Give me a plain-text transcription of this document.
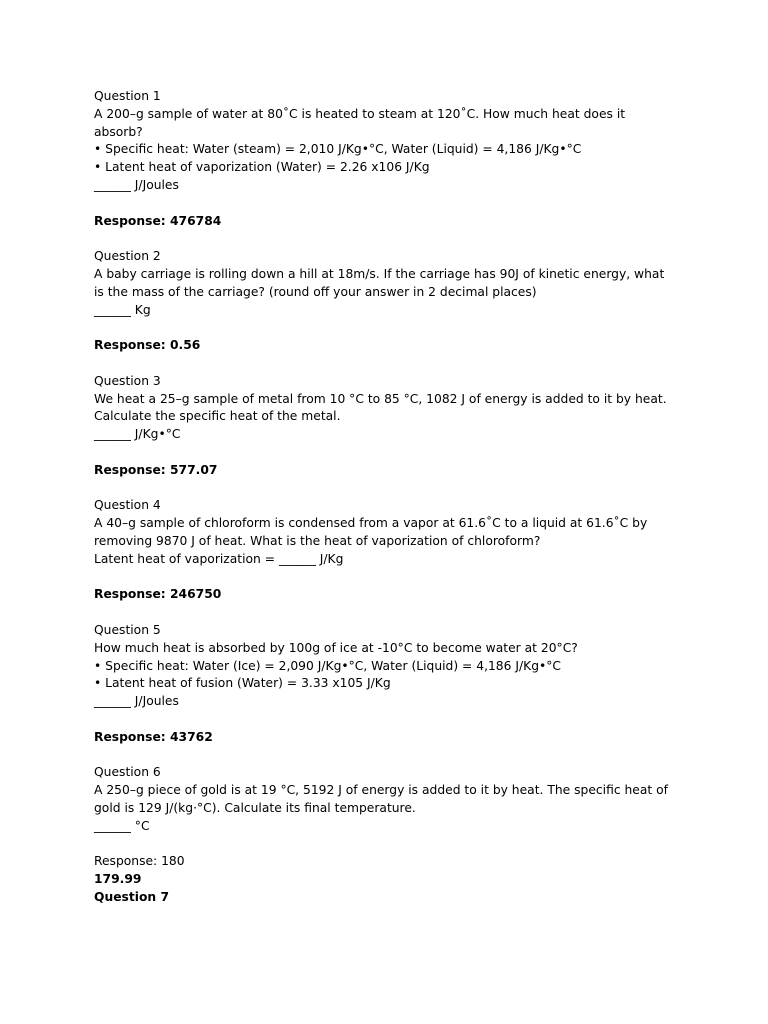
Question 1

A 200–g sample of water at 80˚C is heated to steam at 120˚C. How much heat does it

absorb?

• Specific heat: Water (steam) = 2,010 J/Kg•°C, Water (Liquid) = 4,186 J/Kg•°C

• Latent heat of vaporization (Water) = 2.26 x106 J/Kg

______ J/Joules

Response: 476784

Question 2

A baby carriage is rolling down a hill at 18m/s. If the carriage has 90J of kinetic energy, what

is the mass of the carriage? (round off your answer in 2 decimal places)

______ Kg

Response: 0.56

Question 3

We heat a 25–g sample of metal from 10 °C to 85 °C, 1082 J of energy is added to it by heat.

Calculate the specific heat of the metal.

______ J/Kg•°C

Response: 577.07

Question 4

A 40–g sample of chloroform is condensed from a vapor at 61.6˚C to a liquid at 61.6˚C by

removing 9870 J of heat. What is the heat of vaporization of chloroform?

Latent heat of vaporization = ______ J/Kg

Response: 246750

Question 5

How much heat is absorbed by 100g of ice at -10°C to become water at 20°C?

• Specific heat: Water (Ice) = 2,090 J/Kg•°C, Water (Liquid) = 4,186 J/Kg•°C

• Latent heat of fusion (Water) = 3.33 x105 J/Kg

______ J/Joules

Response: 43762

Question 6

A 250–g piece of gold is at 19 °C, 5192 J of energy is added to it by heat. The specific heat of

gold is 129 J/(kg·°C). Calculate its final temperature.

______ °C

Response: 180

179.99

Question 7
